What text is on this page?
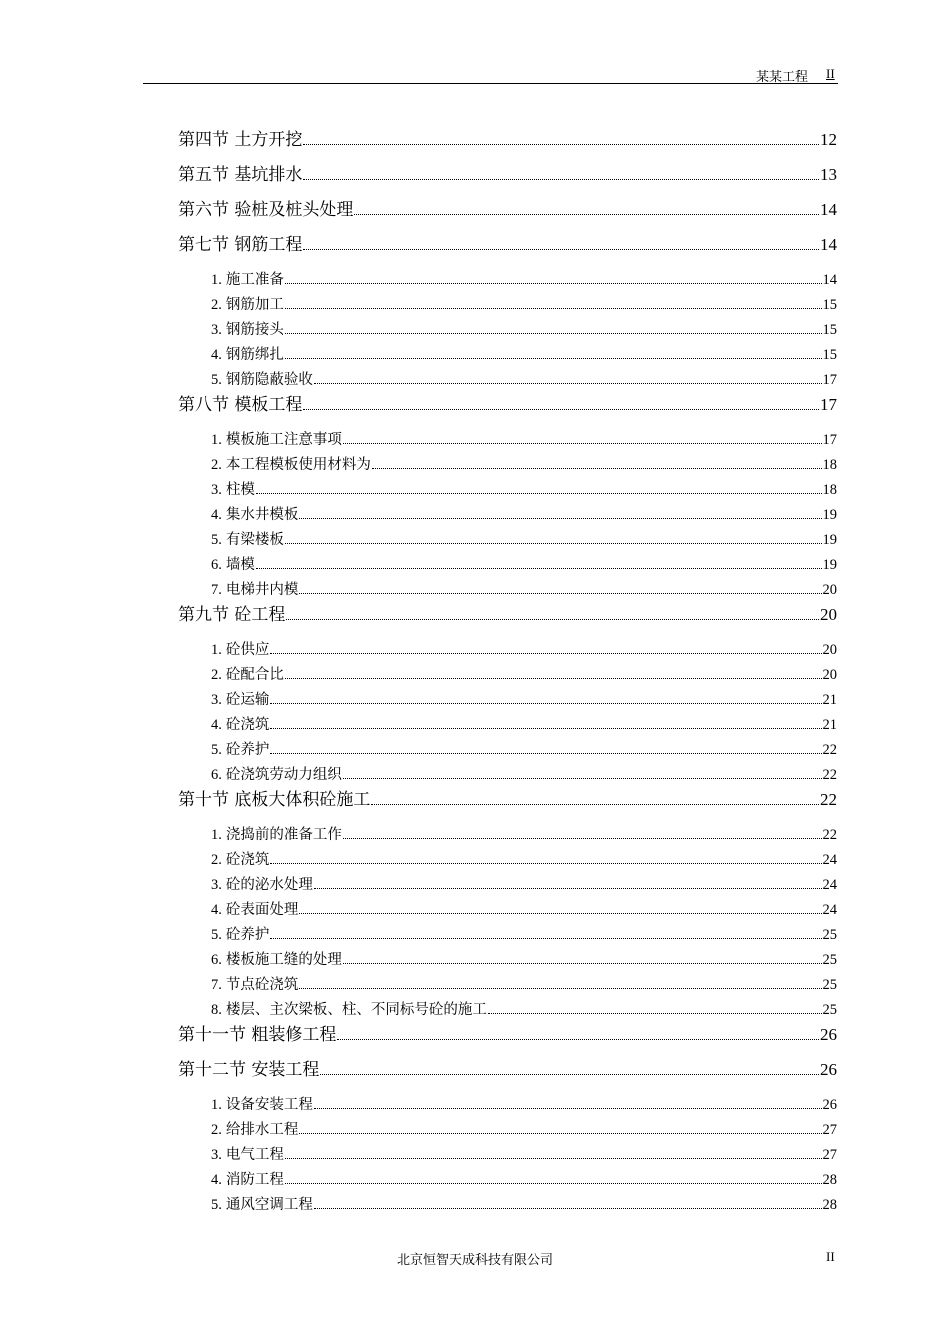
某某工程 II
第四节 土方开挖	12
第五节 基坑排水	13
第六节 验桩及桩头处理	14
第七节 钢筋工程	14
1. 施工准备	14
2. 钢筋加工	15
3. 钢筋接头	15
4. 钢筋绑扎	15
5. 钢筋隐蔽验收	17
第八节 模板工程	17
1. 模板施工注意事项	17
2. 本工程模板使用材料为	18
3. 柱模	18
4. 集水井模板	19
5. 有梁楼板	19
6. 墙模	19
7. 电梯井内模	20
第九节 砼工程	20
1. 砼供应	20
2. 砼配合比	20
3. 砼运输	21
4. 砼浇筑	21
5. 砼养护	22
6. 砼浇筑劳动力组织	22
第十节 底板大体积砼施工	22
1. 浇捣前的准备工作	22
2. 砼浇筑	24
3. 砼的泌水处理	24
4. 砼表面处理	24
5. 砼养护	25
6. 楼板施工缝的处理	25
7. 节点砼浇筑	25
8. 楼层、主次梁板、柱、不同标号砼的施工	25
第十一节 粗装修工程	26
第十二节 安装工程	26
1. 设备安装工程	26
2. 给排水工程	27
3. 电气工程	27
4. 消防工程	28
5. 通风空调工程	28
北京恒智天成科技有限公司	II
